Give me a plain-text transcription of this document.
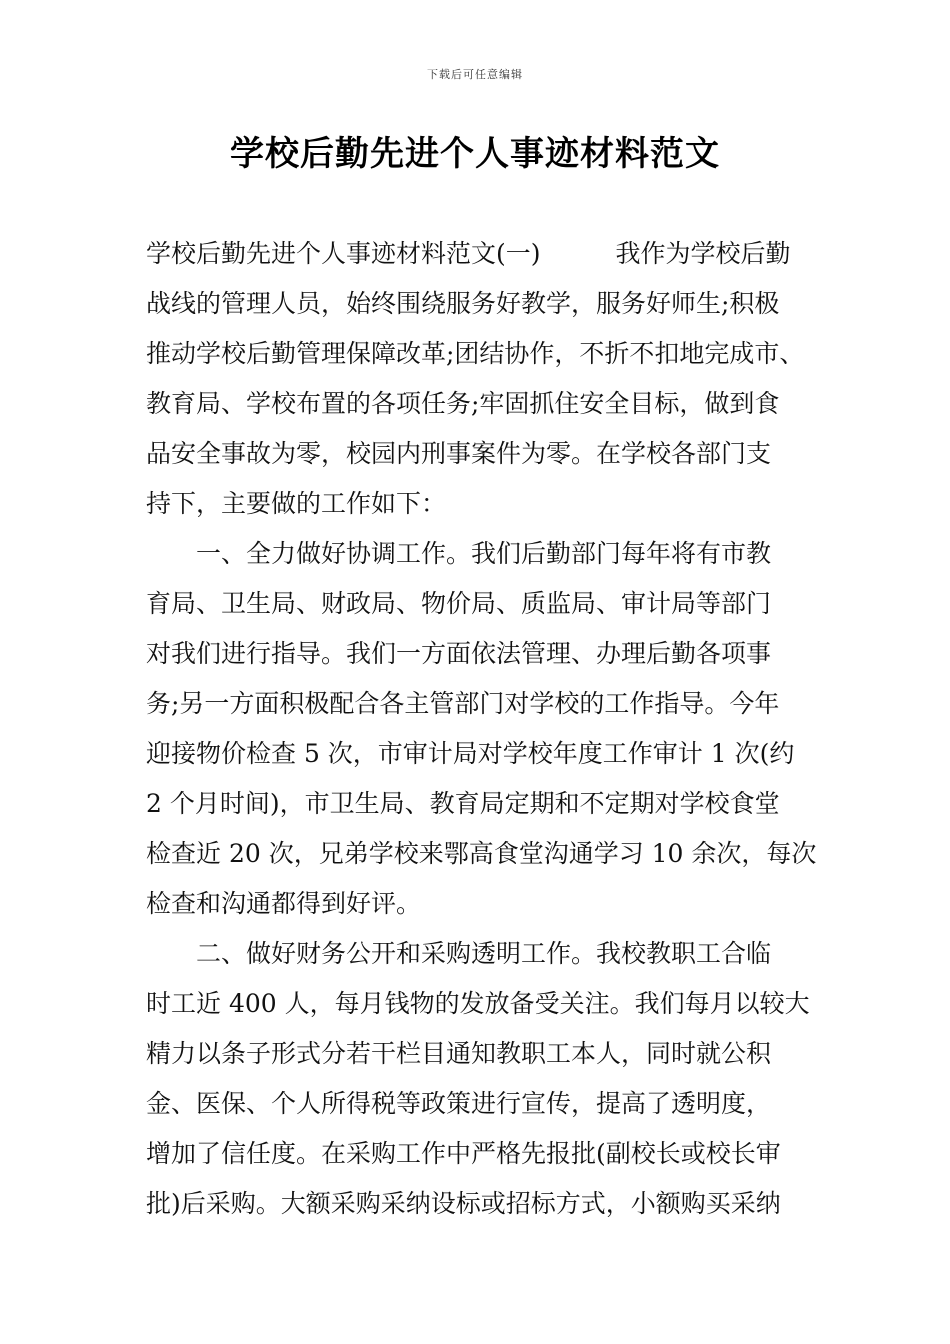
下载后可任意编辑
学校后勤先进个人事迹材料范文
学校后勤先进个人事迹材料范文(一)　　　我作为学校后勤
战线的管理人员，始终围绕服务好教学，服务好师生;积极
推动学校后勤管理保障改革;团结协作，不折不扣地完成市、
教育局、学校布置的各项任务;牢固抓住安全目标，做到食
品安全事故为零，校园内刑事案件为零。在学校各部门支
持下，主要做的工作如下：
　　一、全力做好协调工作。我们后勤部门每年将有市教
育局、卫生局、财政局、物价局、质监局、审计局等部门
对我们进行指导。我们一方面依法管理、办理后勤各项事
务;另一方面积极配合各主管部门对学校的工作指导。今年
迎接物价检查 5 次，市审计局对学校年度工作审计 1 次(约
2 个月时间)，市卫生局、教育局定期和不定期对学校食堂
检查近 20 次，兄弟学校来鄂高食堂沟通学习 10 余次，每次
检查和沟通都得到好评。
　　二、做好财务公开和采购透明工作。我校教职工合临
时工近 400 人，每月钱物的发放备受关注。我们每月以较大
精力以条子形式分若干栏目通知教职工本人，同时就公积
金、医保、个人所得税等政策进行宣传，提高了透明度，
增加了信任度。在采购工作中严格先报批(副校长或校长审
批)后采购。大额采购采纳设标或招标方式，小额购买采纳
